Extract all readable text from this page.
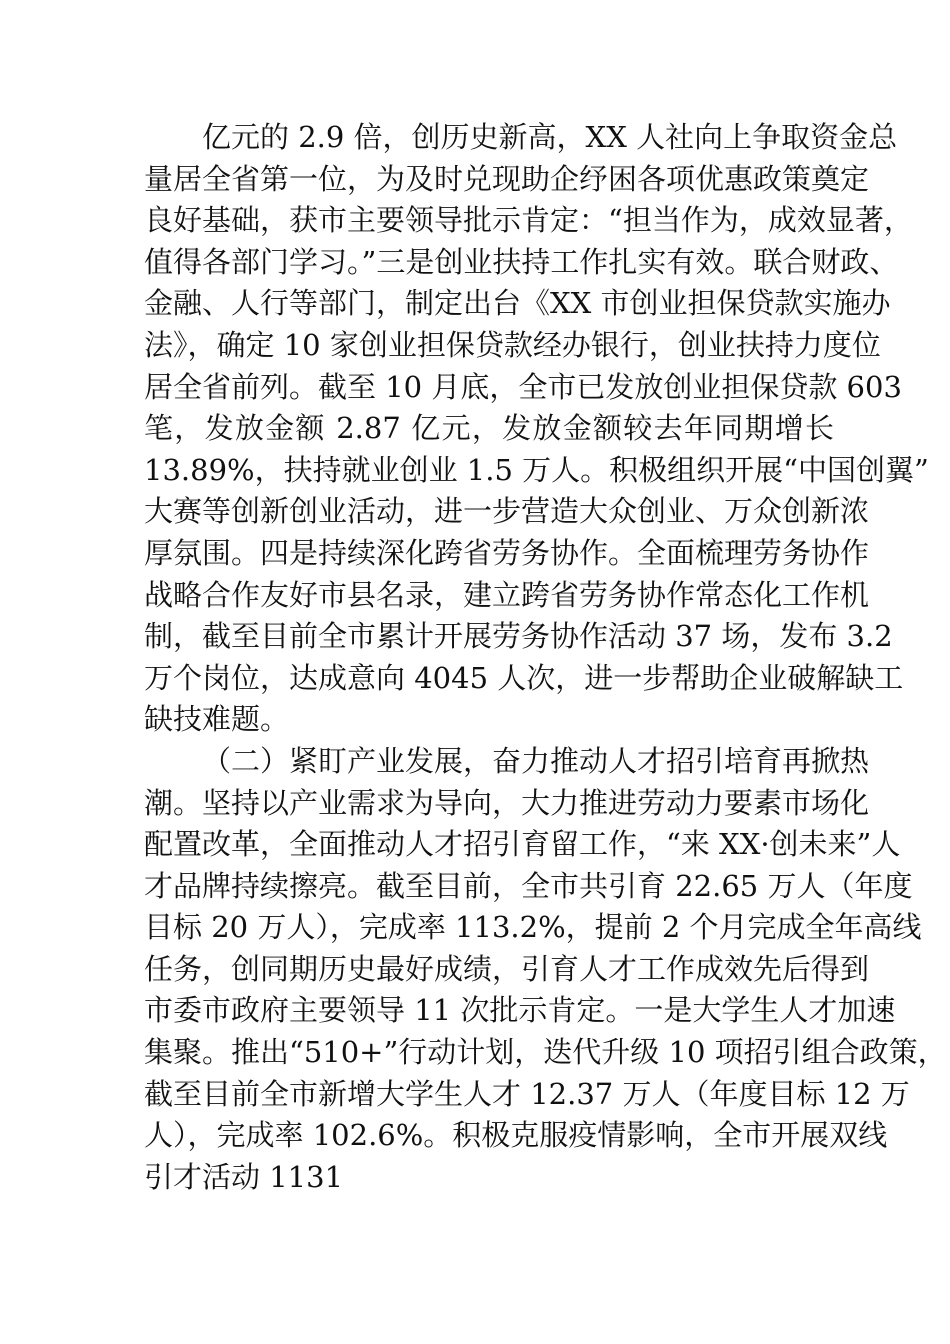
亿元的 2.9 倍，创历史新高，XX 人社向上争取资金总
量居全省第一位，为及时兑现助企纾困各项优惠政策奠定
良好基础，获市主要领导批示肯定：“担当作为，成效显著，
值得各部门学习。”三是创业扶持工作扎实有效。联合财政、
金融、人行等部门，制定出台《XX 市创业担保贷款实施办
法》，确定 10 家创业担保贷款经办银行，创业扶持力度位
居全省前列。截至 10 月底，全市已发放创业担保贷款 603
笔，发放金额 2.87 亿元，发放金额较去年同期增长
13.89%，扶持就业创业 1.5 万人。积极组织开展“中国创翼”
大赛等创新创业活动，进一步营造大众创业、万众创新浓
厚氛围。四是持续深化跨省劳务协作。全面梳理劳务协作
战略合作友好市县名录，建立跨省劳务协作常态化工作机
制，截至目前全市累计开展劳务协作活动 37 场，发布 3.2
万个岗位，达成意向 4045 人次，进一步帮助企业破解缺工
缺技难题。
（二）紧盯产业发展，奋力推动人才招引培育再掀热
潮。坚持以产业需求为导向，大力推进劳动力要素市场化
配置改革，全面推动人才招引育留工作，“来 XX·创未来”人
才品牌持续擦亮。截至目前，全市共引育 22.65 万人（年度
目标 20 万人），完成率 113.2%，提前 2 个月完成全年高线
任务，创同期历史最好成绩，引育人才工作成效先后得到
市委市政府主要领导 11 次批示肯定。一是大学生人才加速
集聚。推出“510+”行动计划，迭代升级 10 项招引组合政策，
截至目前全市新增大学生人才 12.37 万人（年度目标 12 万
人），完成率 102.6%。积极克服疫情影响，全市开展双线
引才活动 1131
